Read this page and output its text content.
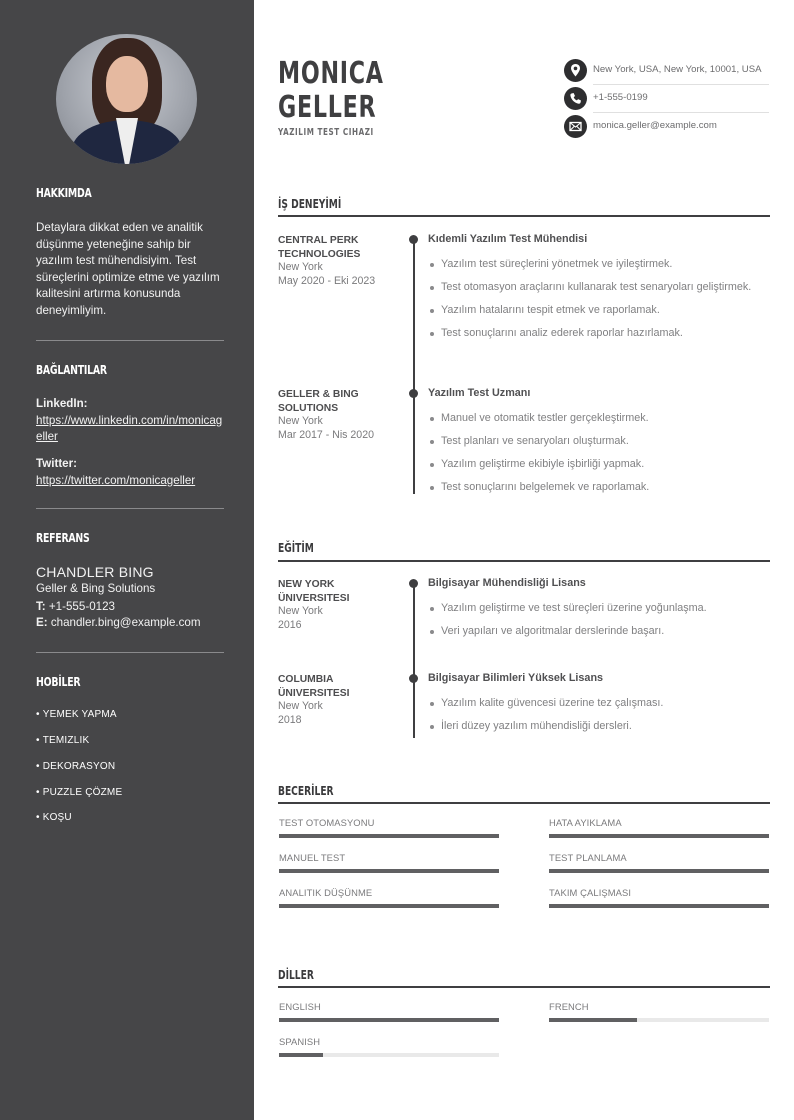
HAKKIMDA
Detaylara dikkat eden ve analitik düşünme yeteneğine sahip bir yazılım test mühendisiyim. Test süreçlerini optimize etme ve yazılım kalitesini artırma konusunda deneyimliyim.
BAĞLANTILAR
LinkedIn:
https://www.linkedin.com/in/monicageller
Twitter:
https://twitter.com/monicageller
REFERANS
CHANDLER BING
Geller & Bing Solutions
T: +1-555-0123
E: chandler.bing@example.com
HOBİLER
• YEMEK YAPMA
• TEMIZLIK
• DEKORASYON
• PUZZLE ÇÖZME
• KOŞU
MONICA
GELLER
YAZILIM TEST CIHAZI
New York, USA, New York, 10001, USA
+1-555-0199
monica.geller@example.com
İŞ DENEYİMİ
CENTRAL PERK TECHNOLOGIES
New York
May 2020 - Eki 2023
Kıdemli Yazılım Test Mühendisi
Yazılım test süreçlerini yönetmek ve iyileştirmek.
Test otomasyon araçlarını kullanarak test senaryoları geliştirmek.
Yazılım hatalarını tespit etmek ve raporlamak.
Test sonuçlarını analiz ederek raporlar hazırlamak.
GELLER & BING SOLUTIONS
New York
Mar 2017 - Nis 2020
Yazılım Test Uzmanı
Manuel ve otomatik testler gerçekleştirmek.
Test planları ve senaryoları oluşturmak.
Yazılım geliştirme ekibiyle işbirliği yapmak.
Test sonuçlarını belgelemek ve raporlamak.
EĞİTİM
NEW YORK ÜNIVERSITESI
New York
2016
Bilgisayar Mühendisliği Lisans
Yazılım geliştirme ve test süreçleri üzerine yoğunlaşma.
Veri yapıları ve algoritmalar derslerinde başarı.
COLUMBIA ÜNIVERSITESI
New York
2018
Bilgisayar Bilimleri Yüksek Lisans
Yazılım kalite güvencesi üzerine tez çalışması.
İleri düzey yazılım mühendisliği dersleri.
BECERİLER
TEST OTOMASYONU	HATA AYIKLAMA
MANUEL TEST	TEST PLANLAMA
ANALITIK DÜŞÜNME	TAKIM ÇALIŞMASI
DİLLER
ENGLISH	FRENCH
SPANISH
